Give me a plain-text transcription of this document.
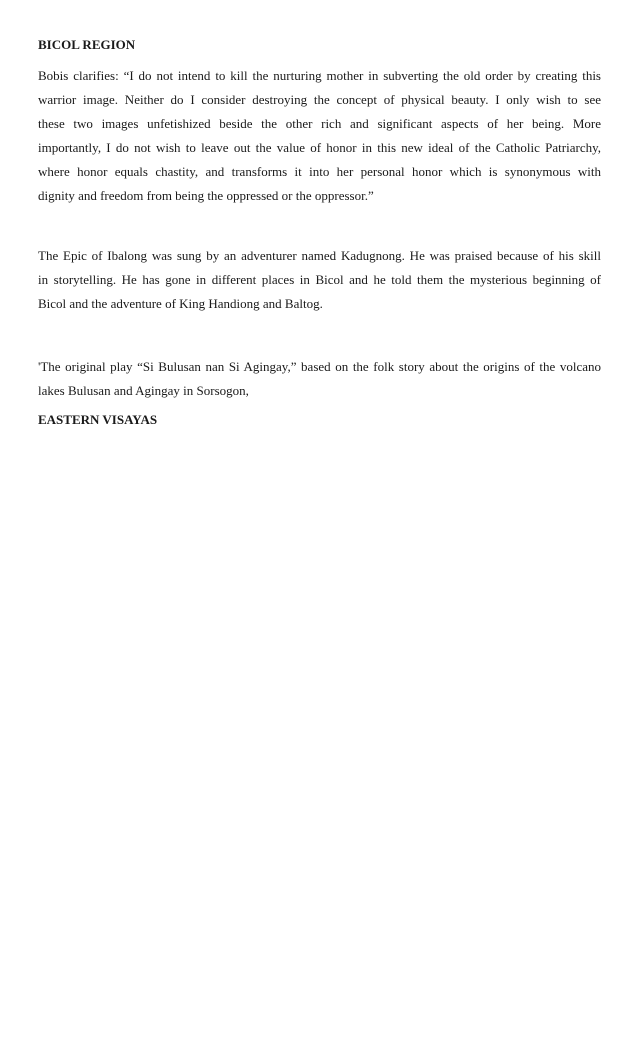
BICOL REGION
Bobis clarifies: “I do not intend to kill the nurturing mother in subverting the old order by creating this
warrior image. Neither do I consider destroying the concept of physical beauty. I only wish to see
these two images unfetishized beside the other rich and significant aspects of her being. More
importantly, I do not wish to leave out the value of honor in this new ideal of the Catholic Patriarchy,
where honor equals chastity, and transforms it into her personal honor which is synonymous with
dignity and freedom from being the oppressed or the oppressor.”
The Epic of Ibalong was sung by an adventurer named Kadugnong. He was praised because of his skill
in storytelling. He has gone in different places in Bicol and he told them the mysterious beginning of
Bicol and the adventure of King Handiong and Baltog.
'The original play “Si Bulusan nan Si Agingay,” based on the folk story about the origins of the volcano
lakes Bulusan and Agingay in Sorsogon,
EASTERN VISAYAS
